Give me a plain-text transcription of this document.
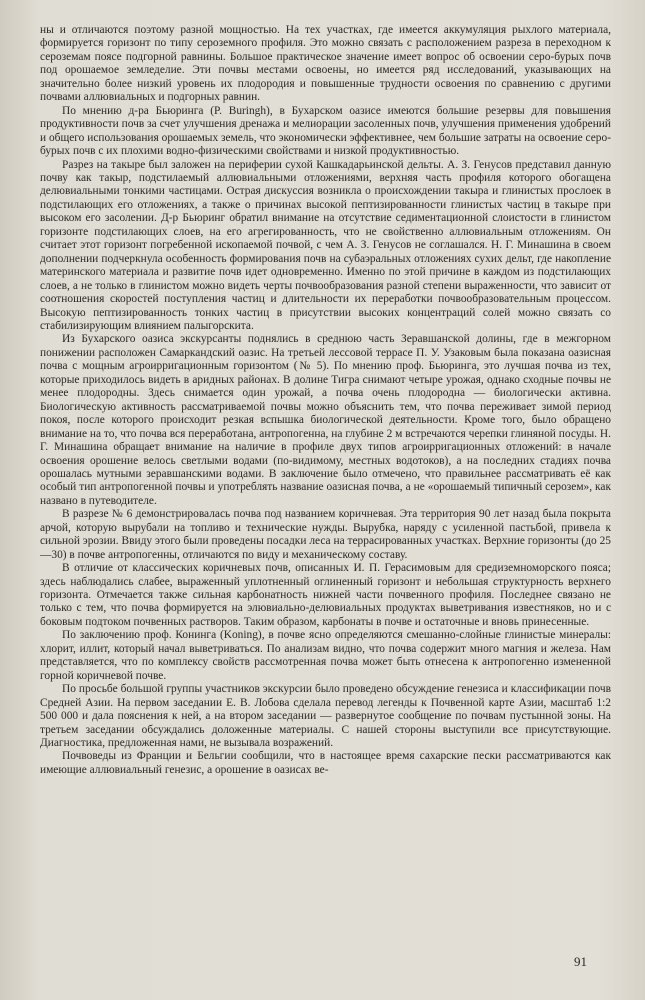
ны и отличаются поэтому разной мощностью. На тех участках, где имеется аккумуляция рыхлого материала, формируется горизонт по типу сероземного профиля. Это можно связать с расположением разреза в переходном к сероземам поясе подгорной равнины. Большое практическое значение имеет вопрос об освоении серо-бурых почв под орошаемое земледелие. Эти почвы местами освоены, но имеется ряд исследований, указывающих на значительно более низкий уровень их плодородия и повышенные трудности освоения по сравнению с другими почвами аллювиальных и подгорных равнин.

По мнению д-ра Бьюринга (P. Buringh), в Бухарском оазисе имеются большие резервы для повышения продуктивности почв за счет улучшения дренажа и мелиорации засоленных почв, улучшения применения удобрений и общего использования орошаемых земель, что экономически эффективнее, чем большие затраты на освоение серо-бурых почв с их плохими водно-физическими свойствами и низкой продуктивностью.

Разрез на такыре был заложен на периферии сухой Кашкадарьинской дельты. А. З. Генусов представил данную почву как такыр, подстилаемый аллювиальными отложениями, верхняя часть профиля которого обогащена делювиальными тонкими частицами. Острая дискуссия возникла о происхождении такыра и глинистых прослоек в подстилающих его отложениях, а также о причинах высокой пептизированности глинистых частиц в такыре при высоком его засолении. Д-р Бьюринг обратил внимание на отсутствие седиментационной слоистости в глинистом горизонте подстилающих слоев, на его агрегированность, что не свойственно аллювиальным отложениям. Он считает этот горизонт погребенной ископаемой почвой, с чем А. З. Генусов не соглашался. Н. Г. Минашина в своем дополнении подчеркнула особенность формирования почв на субаэральных отложениях сухих дельт, где накопление материнского материала и развитие почв идет одновременно. Именно по этой причине в каждом из подстилающих слоев, а не только в глинистом можно видеть черты почвообразования разной степени выраженности, что зависит от соотношения скоростей поступления частиц и длительности их переработки почвообразовательным процессом. Высокую пептизированность тонких частиц в присутствии высоких концентраций солей можно связать со стабилизирующим влиянием палыгорскита.

Из Бухарского оазиса экскурсанты поднялись в среднюю часть Зеравшанской долины, где в межгорном понижении расположен Самаркандский оазис. На третьей лессовой террасе П. У. Узаковым была показана оазисная почва с мощным агроирригационным горизонтом (№ 5). По мнению проф. Бьюринга, это лучшая почва из тех, которые приходилось видеть в аридных районах. В долине Тигра снимают четыре урожая, однако сходные почвы не менее плодородны. Здесь снимается один урожай, а почва очень плодородна — биологически активна. Биологическую активность рассматриваемой почвы можно объяснить тем, что почва переживает зимой период покоя, после которого происходит резкая вспышка биологической деятельности. Кроме того, было обращено внимание на то, что почва вся переработана, антропогенна, на глубине 2 м встречаются черепки глиняной посуды. Н. Г. Минашина обращает внимание на наличие в профиле двух типов агроирригационных отложений: в начале освоения орошение велось светлыми водами (по-видимому, местных водотоков), а на последних стадиях почва орошалась мутными зеравшанскими водами. В заключение было отмечено, что правильнее рассматривать её как особый тип антропогенной почвы и употреблять название оазисная почва, а не «орошаемый типичный серозем», как названо в путеводителе.

В разрезе № 6 демонстрировалась почва под названием коричневая. Эта территория 90 лет назад была покрыта арчой, которую вырубали на топливо и технические нужды. Вырубка, наряду с усиленной пастьбой, привела к сильной эрозии. Ввиду этого были проведены посадки леса на террасированных участках. Верхние горизонты (до 25—30) в почве антропогенны, отличаются по виду и механическому составу.

В отличие от классических коричневых почв, описанных И. П. Герасимовым для средиземноморского пояса; здесь наблюдались слабее, выраженный уплотненный оглиненный горизонт и небольшая структурность верхнего горизонта. Отмечается также сильная карбонатность нижней части почвенного профиля. Последнее связано не только с тем, что почва формируется на элювиально-делювиальных продуктах выветривания известняков, но и с боковым подтоком почвенных растворов. Таким образом, карбонаты в почве и остаточные и вновь принесенные.

По заключению проф. Конинга (Koning), в почве ясно определяются смешанно-слойные глинистые минералы: хлорит, иллит, который начал выветриваться. По анализам видно, что почва содержит много магния и железа. Нам представляется, что по комплексу свойств рассмотренная почва может быть отнесена к антропогенно измененной горной коричневой почве.

По просьбе большой группы участников экскурсии было проведено обсуждение генезиса и классификации почв Средней Азии. На первом заседании Е. В. Лобова сделала перевод легенды к Почвенной карте Азии, масштаб 1:2 500 000 и дала пояснения к ней, а на втором заседании — развернутое сообщение по почвам пустынной зоны. На третьем заседании обсуждались доложенные материалы. С нашей стороны выступили все присутствующие. Диагностика, предложенная нами, не вызывала возражений.

Почвоведы из Франции и Бельгии сообщили, что в настоящее время сахарские пески рассматриваются как имеющие аллювиальный генезис, а орошение в оазисах ве-

91
